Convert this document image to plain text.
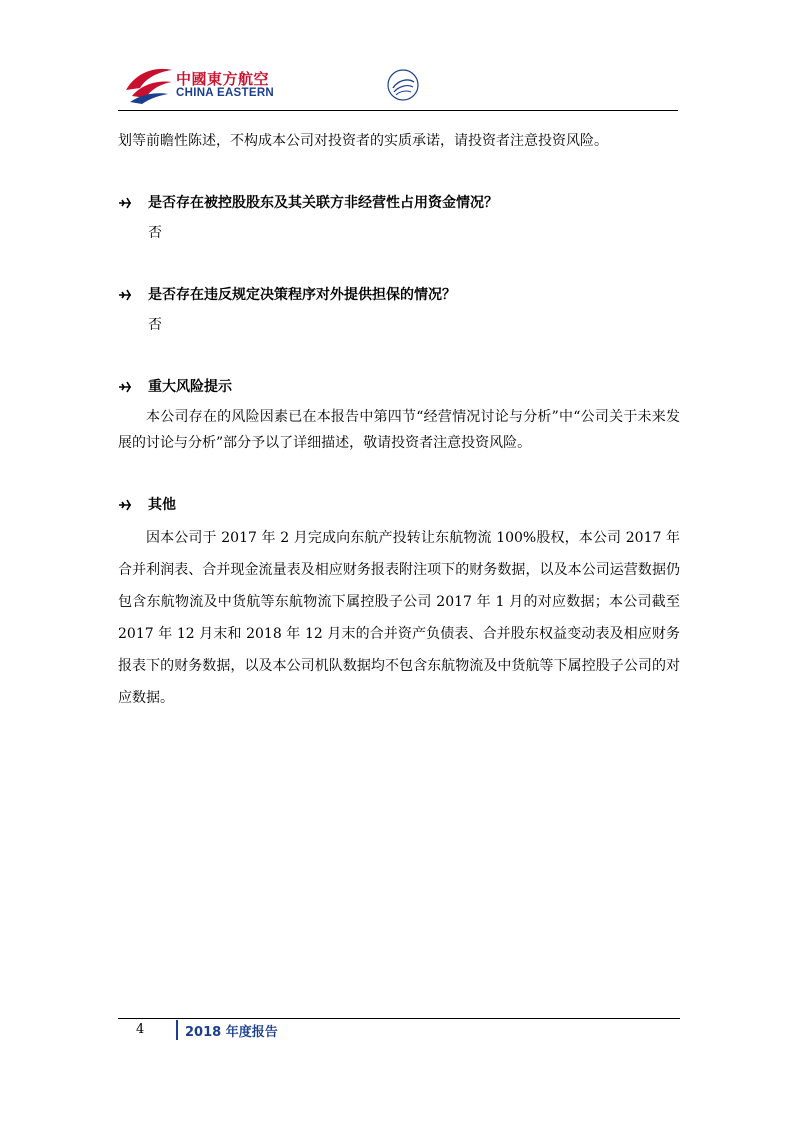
中國東方航空
CHINA EASTERN

划等前瞻性陈述，不构成本公司对投资者的实质承诺，请投资者注意投资风险。

是否存在被控股股东及其关联方非经营性占用资金情况？

否

是否存在违反规定决策程序对外提供担保的情况？

否

重大风险提示

本公司存在的风险因素已在本报告中第四节“经营情况讨论与分析”中“公司关于未来发展的讨论与分析”部分予以了详细描述，敬请投资者注意投资风险。

其他

因本公司于 2017 年 2 月完成向东航产投转让东航物流 100%股权，本公司 2017 年合并利润表、合并现金流量表及相应财务报表附注项下的财务数据，以及本公司运营数据仍包含东航物流及中货航等东航物流下属控股子公司 2017 年 1 月的对应数据；本公司截至 2017 年 12 月末和 2018 年 12 月末的合并资产负债表、合并股东权益变动表及相应财务报表下的财务数据，以及本公司机队数据均不包含东航物流及中货航等下属控股子公司的对应数据。

4	2018 年度报告
